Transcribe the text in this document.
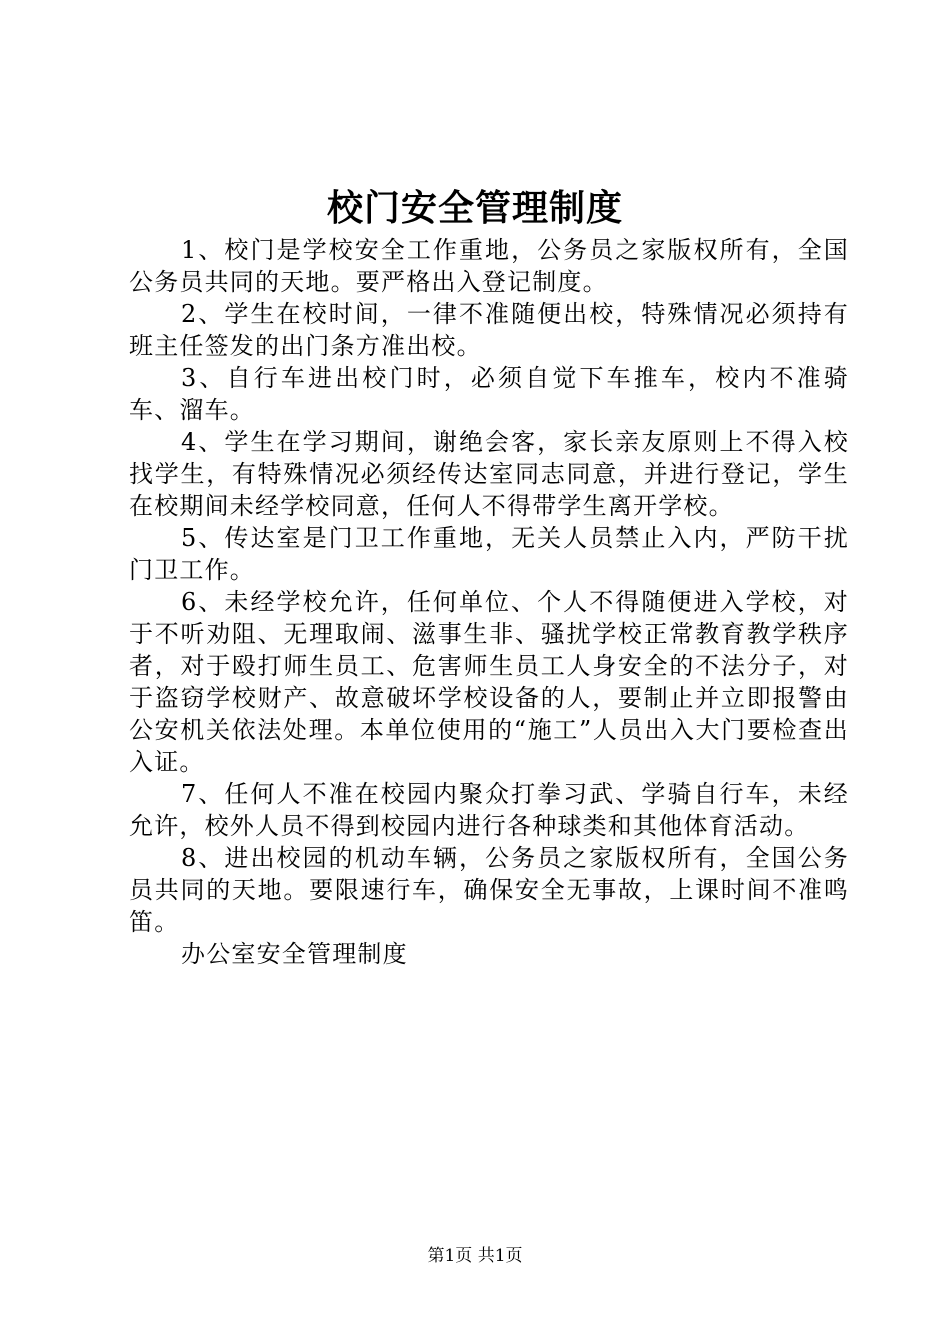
校门安全管理制度

1、校门是学校安全工作重地，公务员之家版权所有，全国公务员共同的天地。要严格出入登记制度。

2、学生在校时间，一律不准随便出校，特殊情况必须持有班主任签发的出门条方准出校。

3、自行车进出校门时，必须自觉下车推车，校内不准骑车、溜车。

4、学生在学习期间，谢绝会客，家长亲友原则上不得入校找学生，有特殊情况必须经传达室同志同意，并进行登记，学生在校期间未经学校同意，任何人不得带学生离开学校。

5、传达室是门卫工作重地，无关人员禁止入内，严防干扰门卫工作。

6、未经学校允许，任何单位、个人不得随便进入学校，对于不听劝阻、无理取闹、滋事生非、骚扰学校正常教育教学秩序者，对于殴打师生员工、危害师生员工人身安全的不法分子，对于盗窃学校财产、故意破坏学校设备的人，要制止并立即报警由公安机关依法处理。本单位使用的“施工”人员出入大门要检查出入证。

7、任何人不准在校园内聚众打拳习武、学骑自行车，未经允许，校外人员不得到校园内进行各种球类和其他体育活动。

8、进出校园的机动车辆，公务员之家版权所有，全国公务员共同的天地。要限速行车，确保安全无事故，上课时间不准鸣笛。

办公室安全管理制度

第1页 共1页
